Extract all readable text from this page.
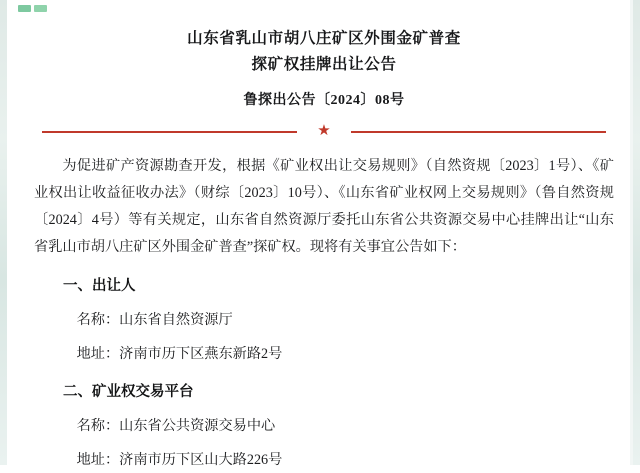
山东省乳山市胡八庄矿区外围金矿普查
探矿权挂牌出让公告
鲁探出公告〔2024〕08号
★
为促进矿产资源勘查开发，根据《矿业权出让交易规则》（自然资规〔2023〕1号）、《矿业权出让收益征收办法》（财综〔2023〕10号）、《山东省矿业权网上交易规则》（鲁自然资规〔2024〕4号）等有关规定，山东省自然资源厅委托山东省公共资源交易中心挂牌出让“山东省乳山市胡八庄矿区外围金矿普查”探矿权。现将有关事宜公告如下：
一、出让人
名称：山东省自然资源厅
地址：济南市历下区燕东新路2号
二、矿业权交易平台
名称：山东省公共资源交易中心
地址：济南市历下区山大路226号
